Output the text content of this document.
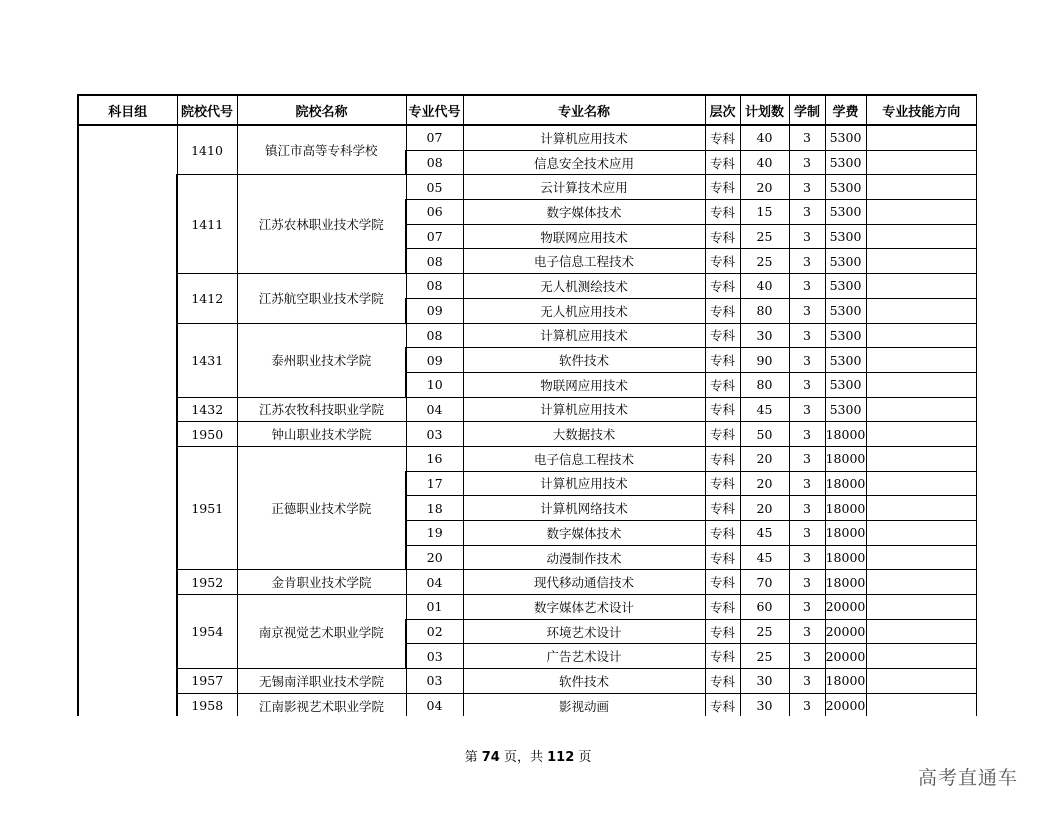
科目组	院校代号	院校名称	专业代号	专业名称	层次	计划数	学制	学费	专业技能方向
	1410	镇江市高等专科学校	07	计算机应用技术	专科	40	3	5300	
			08	信息安全技术应用	专科	40	3	5300	
	1411	江苏农林职业技术学院	05	云计算技术应用	专科	20	3	5300	
			06	数字媒体技术	专科	15	3	5300	
			07	物联网应用技术	专科	25	3	5300	
			08	电子信息工程技术	专科	25	3	5300	
	1412	江苏航空职业技术学院	08	无人机测绘技术	专科	40	3	5300	
			09	无人机应用技术	专科	80	3	5300	
	1431	泰州职业技术学院	08	计算机应用技术	专科	30	3	5300	
			09	软件技术	专科	90	3	5300	
			10	物联网应用技术	专科	80	3	5300	
	1432	江苏农牧科技职业学院	04	计算机应用技术	专科	45	3	5300	
	1950	钟山职业技术学院	03	大数据技术	专科	50	3	18000	
	1951	正德职业技术学院	16	电子信息工程技术	专科	20	3	18000	
			17	计算机应用技术	专科	20	3	18000	
			18	计算机网络技术	专科	20	3	18000	
			19	数字媒体技术	专科	45	3	18000	
			20	动漫制作技术	专科	45	3	18000	
	1952	金肯职业技术学院	04	现代移动通信技术	专科	70	3	18000	
	1954	南京视觉艺术职业学院	01	数字媒体艺术设计	专科	60	3	20000	
			02	环境艺术设计	专科	25	3	20000	
			03	广告艺术设计	专科	25	3	20000	
	1957	无锡南洋职业技术学院	03	软件技术	专科	30	3	18000	
	1958	江南影视艺术职业学院	04	影视动画	专科	30	3	20000	
第 74 页，共 112 页
高考直通车
